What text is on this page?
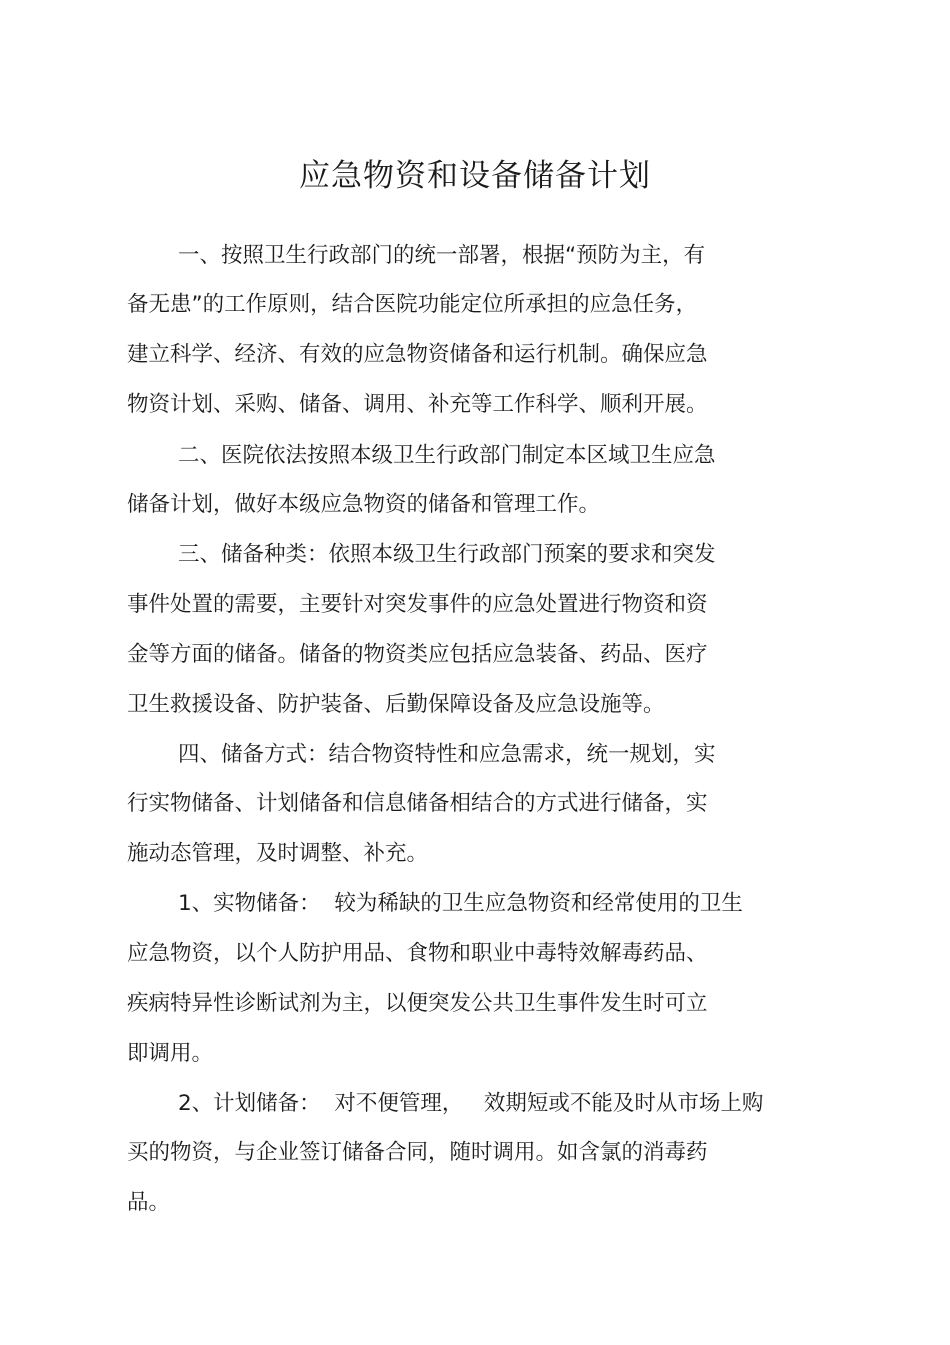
应急物资和设备储备计划
一、按照卫生行政部门的统一部署，根据“预防为主，有
备无患”的工作原则，结合医院功能定位所承担的应急任务，
建立科学、经济、有效的应急物资储备和运行机制。确保应急
物资计划、采购、储备、调用、补充等工作科学、顺利开展。
二、医院依法按照本级卫生行政部门制定本区域卫生应急
储备计划，做好本级应急物资的储备和管理工作。
三、储备种类：依照本级卫生行政部门预案的要求和突发
事件处置的需要，主要针对突发事件的应急处置进行物资和资
金等方面的储备。储备的物资类应包括应急装备、药品、医疗
卫生救援设备、防护装备、后勤保障设备及应急设施等。
四、储备方式：结合物资特性和应急需求，统一规划，实
行实物储备、计划储备和信息储备相结合的方式进行储备，实
施动态管理，及时调整、补充。
1、实物储备：  较为稀缺的卫生应急物资和经常使用的卫生
应急物资，以个人防护用品、食物和职业中毒特效解毒药品、
疾病特异性诊断试剂为主，以便突发公共卫生事件发生时可立
即调用。
2、计划储备：  对不便管理，   效期短或不能及时从市场上购
买的物资，与企业签订储备合同，随时调用。如含氯的消毒药
品。
